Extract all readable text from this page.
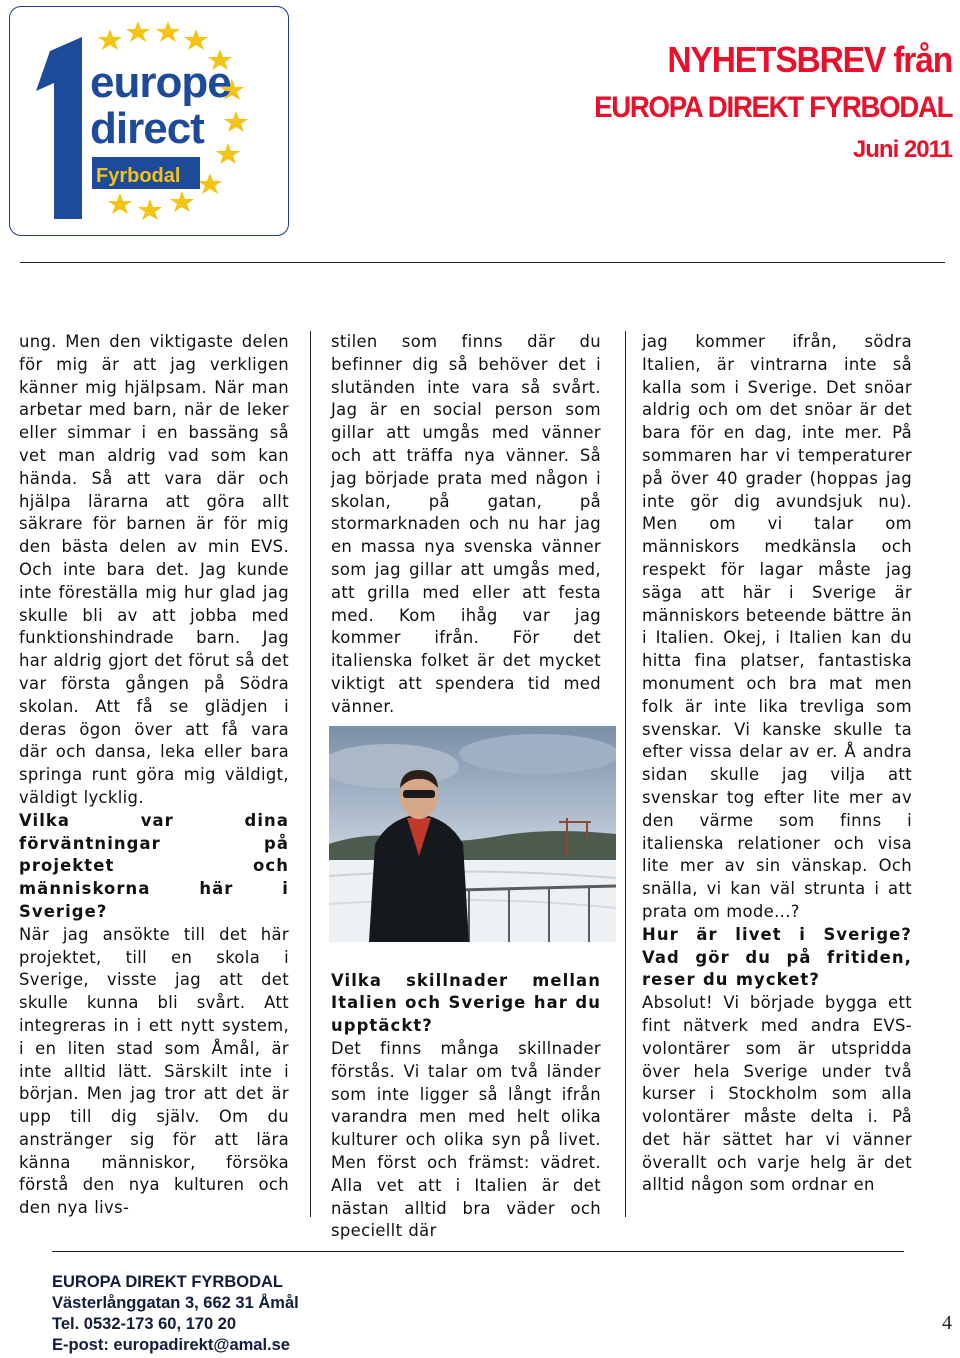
europe
direct
Fyrbodal
NYHETSBREV från
EUROPA DIREKT FYRBODAL
Juni 2011

ung. Men den viktigaste delen för mig är att jag verkligen känner mig hjälpsam. När man arbetar med barn, när de leker eller simmar i en bassäng så vet man aldrig vad som kan hända. Så att vara där och hjälpa lärarna att göra allt säkrare för barnen är för mig den bästa delen av min EVS. Och inte bara det. Jag kunde inte föreställa mig hur glad jag skulle bli av att jobba med funktionshindrade barn. Jag har aldrig gjort det förut så det var första gången på Södra skolan. Att få se glädjen i deras ögon över att få vara där och dansa, leka eller bara springa runt göra mig väldigt, väldigt lycklig.

Vilka var dina förväntningar på projektet och människorna här i Sverige?

När jag ansökte till det här projektet, till en skola i Sverige, visste jag att det skulle kunna bli svårt. Att integreras in i ett nytt system, i en liten stad som Åmål, är inte alltid lätt. Särskilt inte i början. Men jag tror att det är upp till dig själv. Om du anstränger sig för att lära känna människor, försöka förstå den nya kulturen och den nya livs-

stilen som finns där du befinner dig så behöver det i slutänden inte vara så svårt. Jag är en social person som gillar att umgås med vänner och att träffa nya vänner. Så jag började prata med någon i skolan, på gatan, på stormarknaden och nu har jag en massa nya svenska vänner som jag gillar att umgås med, att grilla med eller att festa med. Kom ihåg var jag kommer ifrån. För det italienska folket är det mycket viktigt att spendera tid med vänner.

Vilka skillnader mellan Italien och Sverige har du upptäckt?

Det finns många skillnader förstås. Vi talar om två länder som inte ligger så långt ifrån varandra men med helt olika kulturer och olika syn på livet. Men först och främst: vädret. Alla vet att i Italien är det nästan alltid bra väder och speciellt där

jag kommer ifrån, södra Italien, är vintrarna inte så kalla som i Sverige. Det snöar aldrig och om det snöar är det bara för en dag, inte mer. På sommaren har vi temperaturer på över 40 grader (hoppas jag inte gör dig avundsjuk nu). Men om vi talar om människors medkänsla och respekt för lagar måste jag säga att här i Sverige är människors beteende bättre än i Italien. Okej, i Italien kan du hitta fina platser, fantastiska monument och bra mat men folk är inte lika trevliga som svenskar. Vi kanske skulle ta efter vissa delar av er. Å andra sidan skulle jag vilja att svenskar tog efter lite mer av den värme som finns i italienska relationer och visa lite mer av sin vänskap. Och snälla, vi kan väl strunta i att prata om mode...?

Hur är livet i Sverige? Vad gör du på fritiden, reser du mycket?

Absolut! Vi började bygga ett fint nätverk med andra EVS-volontärer som är utspridda över hela Sverige under två kurser i Stockholm som alla volontärer måste delta i. På det här sättet har vi vänner överallt och varje helg är det alltid någon som ordnar en

EUROPA DIREKT FYRBODAL
Västerlånggatan 3, 662 31 Åmål
Tel. 0532-173 60, 170 20
E-post: europadirekt@amal.se
4
